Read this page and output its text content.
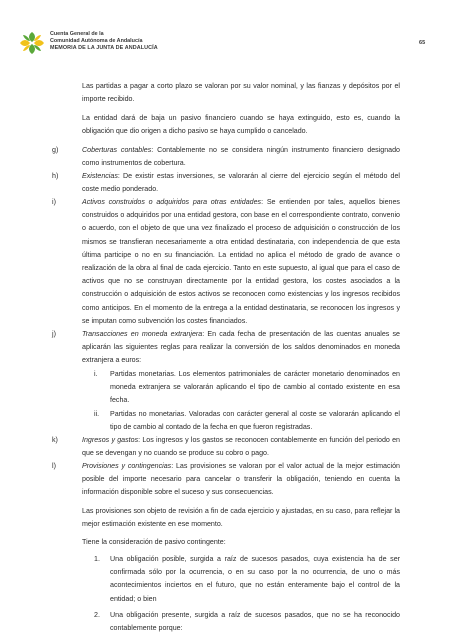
Cuenta General de la
Comunidad Autónoma de Andalucía
MEMORIA DE LA JUNTA DE ANDALUCÍA
65

Las partidas a pagar a corto plazo se valoran por su valor nominal, y las fianzas y depósitos por el importe recibido.

La entidad dará de baja un pasivo financiero cuando se haya extinguido, esto es, cuando la obligación que dio origen a dicho pasivo se haya cumplido o cancelado.

g)	Coberturas contables: Contablemente no se considera ningún instrumento financiero designado como instrumentos de cobertura.

h)	Existencias: De existir estas inversiones, se valorarán al cierre del ejercicio según el método del coste medio ponderado.

i)	Activos construidos o adquiridos para otras entidades: Se entienden por tales, aquellos bienes construidos o adquiridos por una entidad gestora, con base en el correspondiente contrato, convenio o acuerdo, con el objeto de que una vez finalizado el proceso de adquisición o construcción de los mismos se transfieran necesariamente a otra entidad destinataria, con independencia de que esta última participe o no en su financiación. La entidad no aplica el método de grado de avance o realización de la obra al final de cada ejercicio. Tanto en este supuesto, al igual que para el caso de activos que no se construyan directamente por la entidad gestora, los costes asociados a la construcción o adquisición de estos activos se reconocen como existencias y los ingresos recibidos como anticipos. En el momento de la entrega a la entidad destinataria, se reconocen los ingresos y se imputan como subvención los costes financiados.

j)	Transacciones en moneda extranjera: En cada fecha de presentación de las cuentas anuales se aplicarán las siguientes reglas para realizar la conversión de los saldos denominados en moneda extranjera a euros:

i. Partidas monetarias. Los elementos patrimoniales de carácter monetario denominados en moneda extranjera se valorarán aplicando el tipo de cambio al contado existente en esa fecha.

ii. Partidas no monetarias. Valoradas con carácter general al coste se valorarán aplicando el tipo de cambio al contado de la fecha en que fueron registradas.

k)	Ingresos y gastos: Los ingresos y los gastos se reconocen contablemente en función del periodo en que se devengan y no cuando se produce su cobro o pago.

l)	Provisiones y contingencias: Las provisiones se valoran por el valor actual de la mejor estimación posible del importe necesario para cancelar o transferir la obligación, teniendo en cuenta la información disponible sobre el suceso y sus consecuencias.

Las provisiones son objeto de revisión a fin de cada ejercicio y ajustadas, en su caso, para reflejar la mejor estimación existente en ese momento.

Tiene la consideración de pasivo contingente:

1. Una obligación posible, surgida a raíz de sucesos pasados, cuya existencia ha de ser confirmada sólo por la ocurrencia, o en su caso por la no ocurrencia, de uno o más acontecimientos inciertos en el futuro, que no están enteramente bajo el control de la entidad; o bien

2. Una obligación presente, surgida a raíz de sucesos pasados, que no se ha reconocido contablemente porque:
